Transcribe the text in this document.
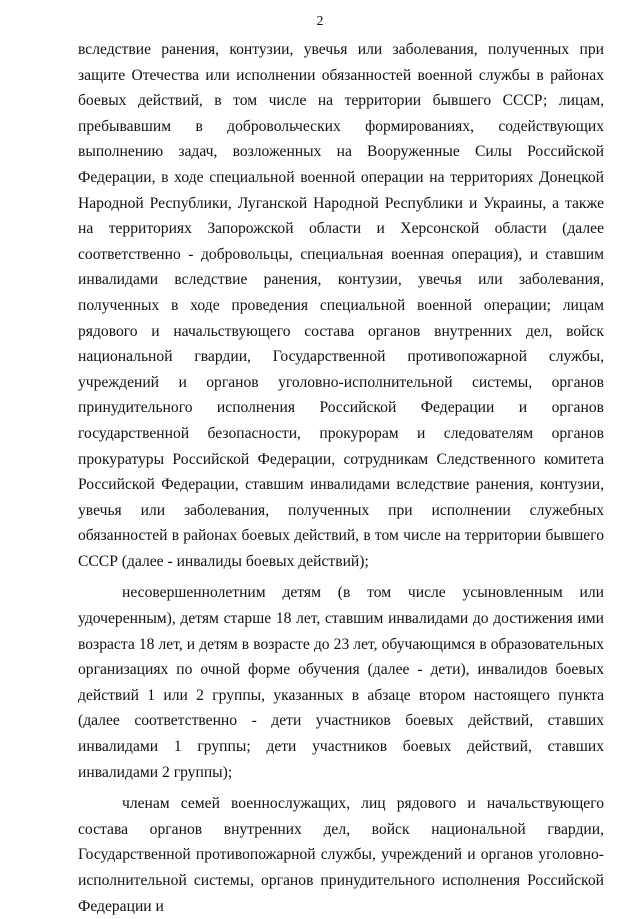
2

вследствие ранения, контузии, увечья или заболевания, полученных при защите Отечества или исполнении обязанностей военной службы в районах боевых действий, в том числе на территории бывшего СССР; лицам, пребывавшим в добровольческих формированиях, содействующих выполнению задач, возложенных на Вооруженные Силы Российской Федерации, в ходе специальной военной операции на территориях Донецкой Народной Республики, Луганской Народной Республики и Украины, а также на территориях Запорожской области и Херсонской области (далее соответственно - добровольцы, специальная военная операция), и ставшим инвалидами вследствие ранения, контузии, увечья или заболевания, полученных в ходе проведения специальной военной операции; лицам рядового и начальствующего состава органов внутренних дел, войск национальной гвардии, Государственной противопожарной службы, учреждений и органов уголовно-исполнительной системы, органов принудительного исполнения Российской Федерации и органов государственной безопасности, прокурорам и следователям органов прокуратуры Российской Федерации, сотрудникам Следственного комитета Российской Федерации, ставшим инвалидами вследствие ранения, контузии, увечья или заболевания, полученных при исполнении служебных обязанностей в районах боевых действий, в том числе на территории бывшего СССР (далее - инвалиды боевых действий);

несовершеннолетним детям (в том числе усыновленным или удочеренным), детям старше 18 лет, ставшим инвалидами до достижения ими возраста 18 лет, и детям в возрасте до 23 лет, обучающимся в образовательных организациях по очной форме обучения (далее - дети), инвалидов боевых действий 1 или 2 группы, указанных в абзаце втором настоящего пункта (далее соответственно - дети участников боевых действий, ставших инвалидами 1 группы; дети участников боевых действий, ставших инвалидами 2 группы);

членам семей военнослужащих, лиц рядового и начальствующего состава органов внутренних дел, войск национальной гвардии, Государственной противопожарной службы, учреждений и органов уголовно-исполнительной системы, органов принудительного исполнения Российской Федерации и
